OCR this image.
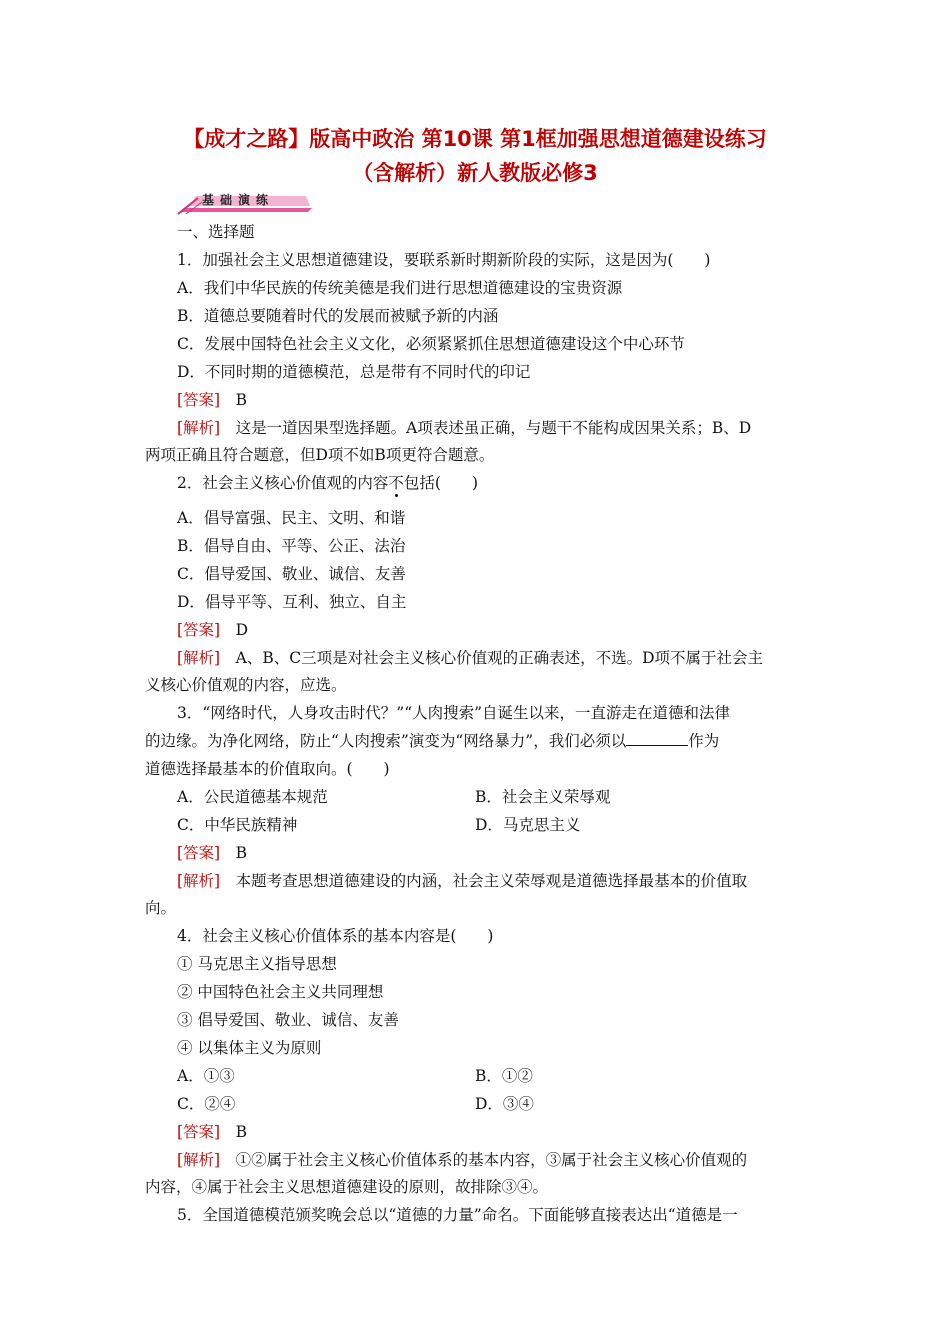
【成才之路】版高中政治 第10课 第1框加强思想道德建设练习
（含解析）新人教版必修3
基础演练
一、选择题
1．加强社会主义思想道德建设，要联系新时期新阶段的实际，这是因为(　　)
A．我们中华民族的传统美德是我们进行思想道德建设的宝贵资源
B．道德总要随着时代的发展而被赋予新的内涵
C．发展中国特色社会主义文化，必须紧紧抓住思想道德建设这个中心环节
D．不同时期的道德模范，总是带有不同时代的印记
[答案]　 B
[解析]　 这是一道因果型选择题。A项表述虽正确，与题干不能构成因果关系；B、D
两项正确且符合题意，但D项不如B项更符合题意。
2．社会主义核心价值观的内容不包括(　　)
A．倡导富强、民主、文明、和谐
B．倡导自由、平等、公正、法治
C．倡导爱国、敬业、诚信、友善
D．倡导平等、互利、独立、自主
[答案]　 D
[解析]　 A、B、C三项是对社会主义核心价值观的正确表述，不选。D项不属于社会主
义核心价值观的内容，应选。
3．“网络时代，人身攻击时代？”“人肉搜索”自诞生以来，一直游走在道德和法律
的边缘。为净化网络，防止“人肉搜索”演变为“网络暴力”，我们必须以	作为
道德选择最基本的价值取向。(　　)
A．公民道德基本规范	B．社会主义荣辱观
C．中华民族精神	D．马克思主义
[答案]　 B
[解析]　 本题考查思想道德建设的内涵，社会主义荣辱观是道德选择最基本的价值取
向。
4．社会主义核心价值体系的基本内容是(　　)
① 马克思主义指导思想
② 中国特色社会主义共同理想
③ 倡导爱国、敬业、诚信、友善
④ 以集体主义为原则
A．①③	B．①②
C．②④	D．③④
[答案]　 B
[解析]　 ①②属于社会主义核心价值体系的基本内容，③属于社会主义核心价值观的
内容，④属于社会主义思想道德建设的原则，故排除③④。
5．全国道德模范颁奖晚会总以“道德的力量”命名。下面能够直接表达出“道德是一
